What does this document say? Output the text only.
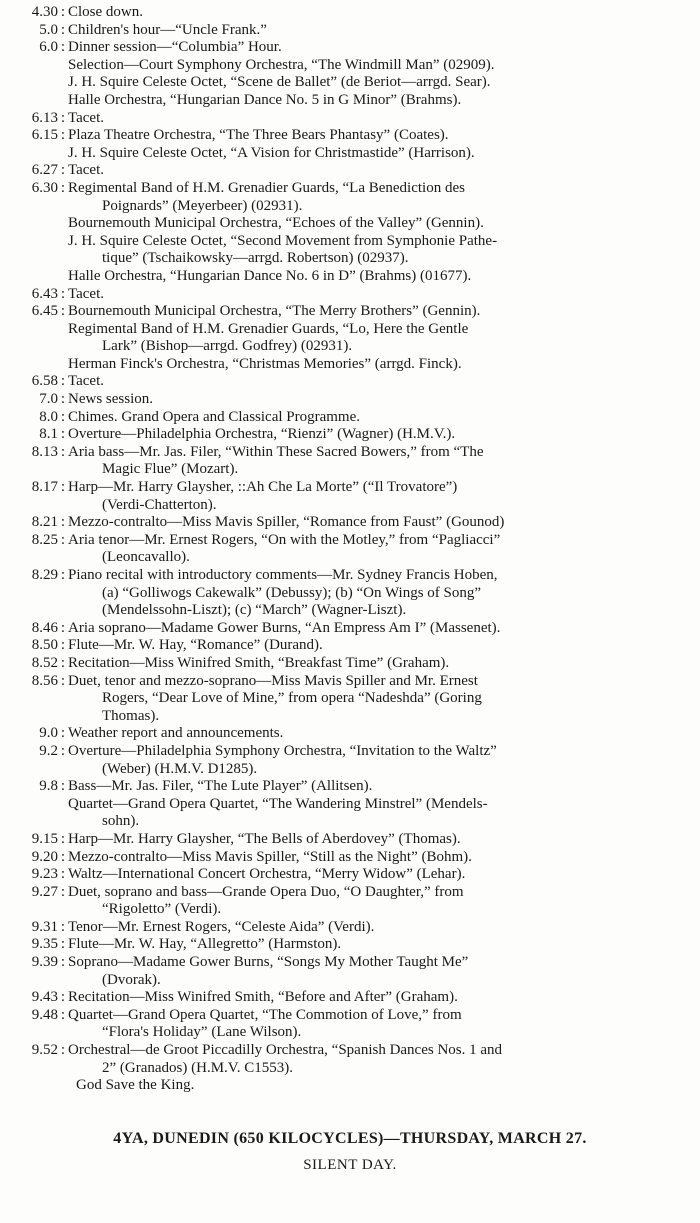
4.30 : Close down.
5.0 : Children's hour—“Uncle Frank.”
6.0 : Dinner session—“Columbia” Hour.
Selection—Court Symphony Orchestra, “The Windmill Man” (02909).
J. H. Squire Celeste Octet, “Scene de Ballet” (de Beriot—arrgd. Sear).
Halle Orchestra, “Hungarian Dance No. 5 in G Minor” (Brahms).
6.13 : Tacet.
6.15 : Plaza Theatre Orchestra, “The Three Bears Phantasy” (Coates).
J. H. Squire Celeste Octet, “A Vision for Christmastide” (Harrison).
6.27 : Tacet.
6.30 : Regimental Band of H.M. Grenadier Guards, “La Benediction des
Poignards” (Meyerbeer) (02931).
Bournemouth Municipal Orchestra, “Echoes of the Valley” (Gennin).
J. H. Squire Celeste Octet, “Second Movement from Symphonie Pathe-
tique” (Tschaikowsky—arrgd. Robertson) (02937).
Halle Orchestra, “Hungarian Dance No. 6 in D” (Brahms) (01677).
6.43 : Tacet.
6.45 : Bournemouth Municipal Orchestra, “The Merry Brothers” (Gennin).
Regimental Band of H.M. Grenadier Guards, “Lo, Here the Gentle
Lark” (Bishop—arrgd. Godfrey) (02931).
Herman Finck's Orchestra, “Christmas Memories” (arrgd. Finck).
6.58 : Tacet.
7.0 : News session.
8.0 : Chimes. Grand Opera and Classical Programme.
8.1 : Overture—Philadelphia Orchestra, “Rienzi” (Wagner) (H.M.V.).
8.13 : Aria bass—Mr. Jas. Filer, “Within These Sacred Bowers,” from “The
Magic Flue” (Mozart).
8.17 : Harp—Mr. Harry Glaysher, ::Ah Che La Morte” (“Il Trovatore”)
(Verdi-Chatterton).
8.21 : Mezzo-contralto—Miss Mavis Spiller, “Romance from Faust” (Gounod)
8.25 : Aria tenor—Mr. Ernest Rogers, “On with the Motley,” from “Pagliacci”
(Leoncavallo).
8.29 : Piano recital with introductory comments—Mr. Sydney Francis Hoben,
(a) “Golliwogs Cakewalk” (Debussy); (b) “On Wings of Song”
(Mendelssohn-Liszt); (c) “March” (Wagner-Liszt).
8.46 : Aria soprano—Madame Gower Burns, “An Empress Am I” (Massenet).
8.50 : Flute—Mr. W. Hay, “Romance” (Durand).
8.52 : Recitation—Miss Winifred Smith, “Breakfast Time” (Graham).
8.56 : Duet, tenor and mezzo-soprano—Miss Mavis Spiller and Mr. Ernest
Rogers, “Dear Love of Mine,” from opera “Nadeshda” (Goring
Thomas).
9.0 : Weather report and announcements.
9.2 : Overture—Philadelphia Symphony Orchestra, “Invitation to the Waltz”
(Weber) (H.M.V. D1285).
9.8 : Bass—Mr. Jas. Filer, “The Lute Player” (Allitsen).
Quartet—Grand Opera Quartet, “The Wandering Minstrel” (Mendels-
sohn).
9.15 : Harp—Mr. Harry Glaysher, “The Bells of Aberdovey” (Thomas).
9.20 : Mezzo-contralto—Miss Mavis Spiller, “Still as the Night” (Bohm).
9.23 : Waltz—International Concert Orchestra, “Merry Widow” (Lehar).
9.27 : Duet, soprano and bass—Grande Opera Duo, “O Daughter,” from
“Rigoletto” (Verdi).
9.31 : Tenor—Mr. Ernest Rogers, “Celeste Aida” (Verdi).
9.35 : Flute—Mr. W. Hay, “Allegretto” (Harmston).
9.39 : Soprano—Madame Gower Burns, “Songs My Mother Taught Me”
(Dvorak).
9.43 : Recitation—Miss Winifred Smith, “Before and After” (Graham).
9.48 : Quartet—Grand Opera Quartet, “The Commotion of Love,” from
“Flora's Holiday” (Lane Wilson).
9.52 : Orchestral—de Groot Piccadilly Orchestra, “Spanish Dances Nos. 1 and
2” (Granados) (H.M.V. C1553).
God Save the King.
4YA, DUNEDIN (650 KILOCYCLES)—THURSDAY, MARCH 27.
SILENT DAY.
